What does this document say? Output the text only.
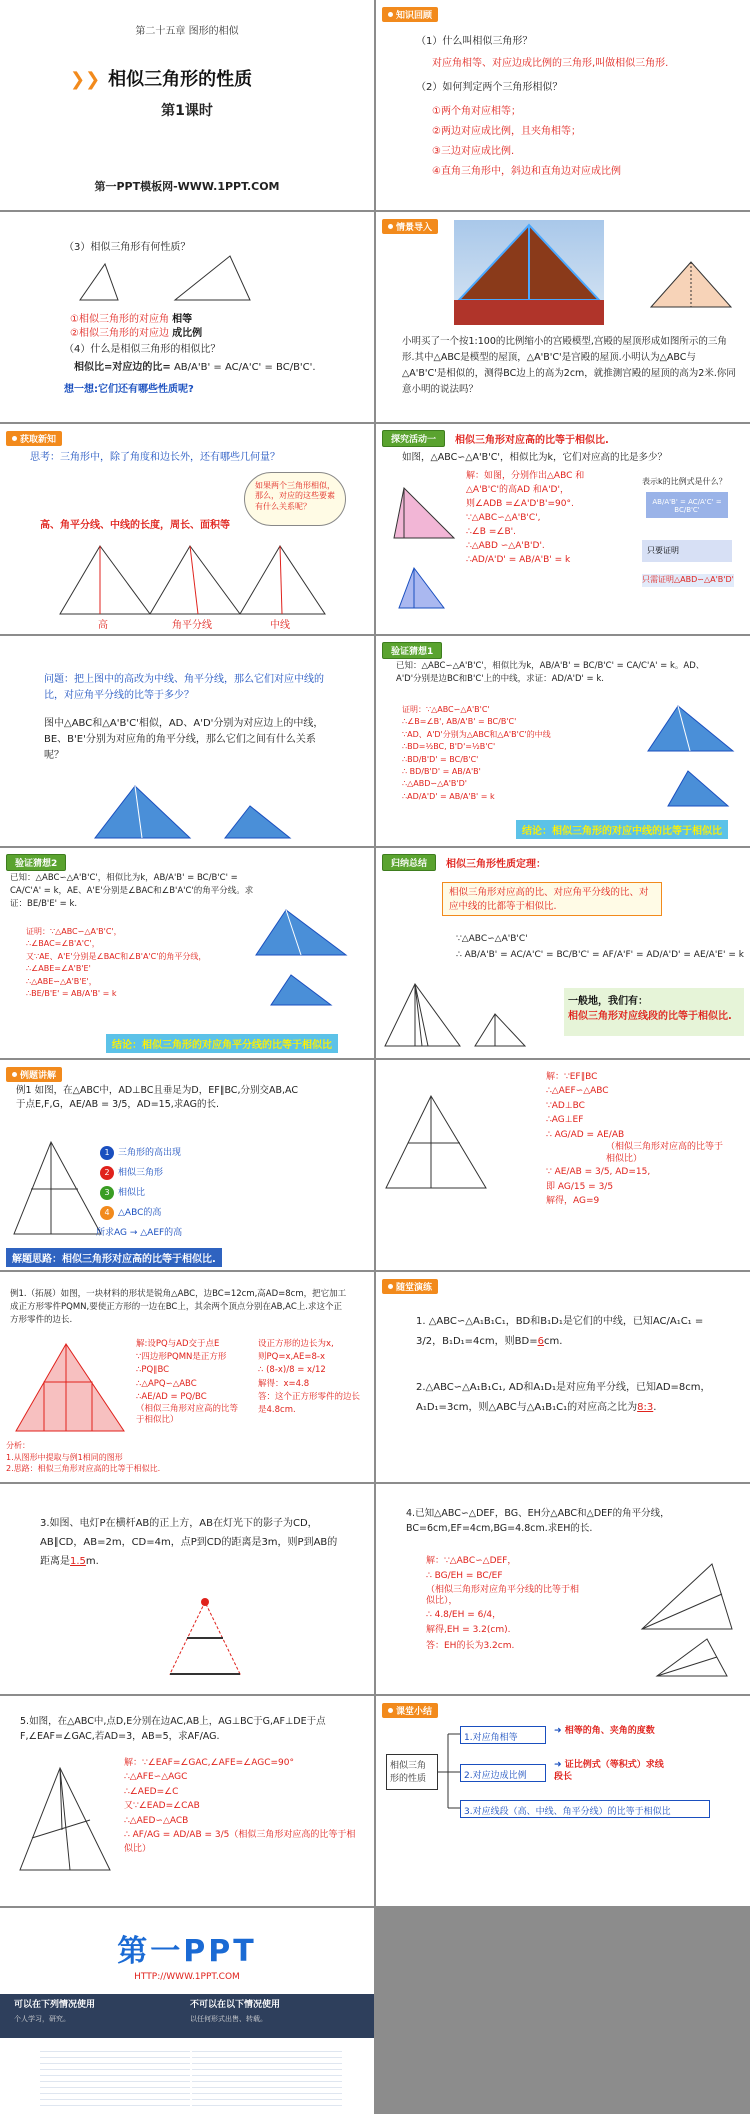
第二十五章 图形的相似
❯❯ 相似三角形的性质
第1课时
第一PPT模板网-WWW.1PPT.COM
知识回顾
（1）什么叫相似三角形？
对应角相等、对应边成比例的三角形,叫做相似三角形.
（2）如何判定两个三角形相似？
①两个角对应相等；
②两边对应成比例，且夹角相等；
③三边对应成比例.
④直角三角形中，斜边和直角边对应成比例
（3）相似三角形有何性质？
①相似三角形的对应角 相等
②相似三角形的对应边 成比例
（4）什么是相似三角形的相似比？
相似比=对应边的比= AB/A'B' = AC/A'C' = BC/B'C'.
想一想:它们还有哪些性质呢?
情景导入
小明买了一个按1:100的比例缩小的宫殿模型,宫殿的屋顶形成如图所示的三角形.其中△ABC是模型的屋顶，△A'B'C'是宫殿的屋顶.小明认为△ABC与△A'B'C'是相似的，测得BC边上的高为2cm，就推测宫殿的屋顶的高为2米.你同意小明的说法吗？
获取新知
思考：三角形中，除了角度和边长外，还有哪些几何量？
如果两个三角形相似，那么，对应的这些要素有什么关系呢？
高、角平分线、中线的长度，周长、面积等
高	角平分线	中线
探究活动一	相似三角形对应高的比等于相似比.
如图，△ABC∽△A'B'C'，相似比为k，它们对应高的比是多少？
解：如图，分别作出△ABC 和
△A'B'C'的高AD 和A'D'，
则∠ADB =∠A'D'B'=90°.
∵△ABC∽△A'B'C',
∴∠B =∠B'.
∴△ABD ∽△A'B'D'.
∴AD/A'D' = AB/A'B' = k
表示k的比例式是什么？
AB/A'B' = AC/A'C' = BC/B'C'
只要证明
只需证明△ABD∽△A'B'D'
问题：把上图中的高改为中线、角平分线，那么它们对应中线的比，对应角平分线的比等于多少？
图中△ABC和△A'B'C'相似，AD、A'D'分别为对应边上的中线，BE、B'E'分别为对应角的角平分线，那么它们之间有什么关系呢？
验证猜想1
已知：△ABC∽△A'B'C'，相似比为k，AB/A'B' = BC/B'C' = CA/C'A' = k。AD、A'D'分别是边BC和B'C'上的中线，求证：AD/A'D' = k.
证明：∵△ABC∽△A'B'C'
∴∠B=∠B', AB/A'B' = BC/B'C'
∵AD、A'D'分别为△ABC和△A'B'C'的中线
∴BD=½BC, B'D'=½B'C'
∴BD/B'D' = BC/B'C'
∴ BD/B'D' = AB/A'B'
∴△ABD∽△A'B'D'
∴AD/A'D' = AB/A'B' = k
结论：相似三角形的对应中线的比等于相似比
验证猜想2
已知：△ABC∽△A'B'C'，相似比为k，AB/A'B' = BC/B'C' = CA/C'A' = k，AE、A'E'分别是∠BAC和∠B'A'C'的角平分线。求证：BE/B'E' = k.
证明：∵△ABC∽△A'B'C'，
∴∠BAC=∠B'A'C'，
又∵AE、A'E'分别是∠BAC和∠B'A'C'的角平分线，
∴∠ABE=∠A'B'E'
∴△ABE∽△A'B'E'，
∴BE/B'E' = AB/A'B' = k
结论：相似三角形的对应角平分线的比等于相似比
归纳总结	相似三角形性质定理：
相似三角形对应高的比、对应角平分线的比、对应中线的比都等于相似比.
∵△ABC∽△A'B'C'
∴ AB/A'B' = AC/A'C' = BC/B'C' = AF/A'F' = AD/A'D' = AE/A'E' = k
一般地，我们有：
相似三角形对应线段的比等于相似比.
例题讲解
例1 如图，在△ABC中，AD⊥BC且垂足为D，EF∥BC,分别交AB,AC于点E,F,G，AE/AB = 3/5，AD=15,求AG的长.
1 三角形的高出现
2 相似三角形
3 相似比
4 △ABC的高
所求AG → △AEF的高
解题思路：相似三角形对应高的比等于相似比.
解：∵EF∥BC
∴△AEF∽△ABC
∵AD⊥BC
∴AG⊥EF
∴ AG/AD = AE/AB
（相似三角形对应高的比等于相似比）
∵ AE/AB = 3/5, AD=15,
即 AG/15 = 3/5
解得，AG=9
例1.（拓展）如图，一块材料的形状是锐角△ABC，边BC=12cm,高AD=8cm，把它加工成正方形零件PQMN,要使正方形的一边在BC上，其余两个顶点分别在AB,AC上.求这个正方形零件的边长.
解:设PQ与AD交于点E
∵四边形PQMN是正方形
∴PQ∥BC
∴△APQ∽△ABC
∴AE/AD = PQ/BC
（相似三角形对应高的比等于相似比）
设正方形的边长为x,
则PQ=x,AE=8-x
∴ (8-x)/8 = x/12
解得：x=4.8
答：这个正方形零件的边长是4.8cm.
分析：
1.从图形中提取与例1相同的图形
2.思路：相似三角形对应高的比等于相似比.
随堂演练
1. △ABC∽△A₁B₁C₁，BD和B₁D₁是它们的中线，已知AC/A₁C₁ = 3/2，B₁D₁=4cm，则BD=6cm.
2.△ABC∽△A₁B₁C₁, AD和A₁D₁是对应角平分线，已知AD=8cm，A₁D₁=3cm，则△ABC与△A₁B₁C₁的对应高之比为8:3.
3.如图、电灯P在横杆AB的正上方，AB在灯光下的影子为CD，AB∥CD，AB=2m，CD=4m，点P到CD的距离是3m，则P到AB的距离是1.5m.
4.已知△ABC∽△DEF，BG、EH分△ABC和△DEF的角平分线，BC=6cm,EF=4cm,BG=4.8cm.求EH的长.
解：∵△ABC∽△DEF，
∴ BG/EH = BC/EF
（相似三角形对应角平分线的比等于相似比），
∴ 4.8/EH = 6/4，
解得,EH = 3.2(cm).
答：EH的长为3.2cm.
5.如图，在△ABC中,点D,E分别在边AC,AB上，AG⊥BC于G,AF⊥DE于点F,∠EAF=∠GAC,若AD=3，AB=5，求AF/AG.
解：∵∠EAF=∠GAC,∠AFE=∠AGC=90°
∴△AFE∽△AGC
∴∠AED=∠C
又∵∠EAD=∠CAB
∴△AED∽△ACB
∴ AF/AG = AD/AB = 3/5（相似三角形对应高的比等于相似比）
课堂小结
相似三角形的性质
1.对应角相等
➜ 相等的角、夹角的度数
2.对应边成比例
➜ 证比例式（等积式）求线段长
3.对应线段（高、中线、角平分线）的比等于相似比
第一PPT
HTTP://WWW.1PPT.COM
可以在下列情况使用
个人学习，研究。
不可以在以下情况使用
以任何形式出售、转载。
